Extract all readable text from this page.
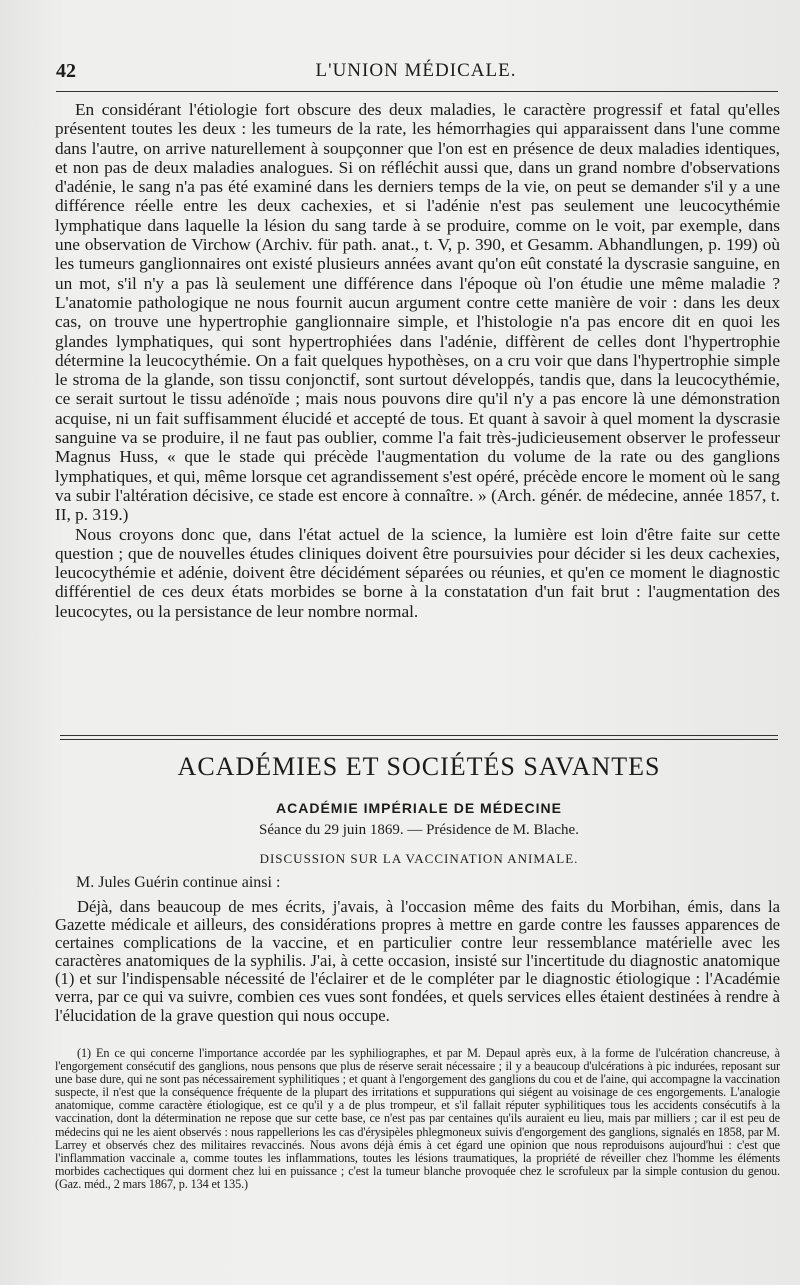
42	L'UNION MÉDICALE.

En considérant l'étiologie fort obscure des deux maladies, le caractère progressif et fatal qu'elles présentent toutes les deux : les tumeurs de la rate, les hémorrhagies qui apparaissent dans l'une comme dans l'autre, on arrive naturellement à soupçonner que l'on est en présence de deux maladies identiques, et non pas de deux maladies analogues. Si on réfléchit aussi que, dans un grand nombre d'observations d'adénie, le sang n'a pas été examiné dans les derniers temps de la vie, on peut se demander s'il y a une différence réelle entre les deux cachexies, et si l'adénie n'est pas seulement une leucocythémie lymphatique dans laquelle la lésion du sang tarde à se produire, comme on le voit, par exemple, dans une observation de Virchow (Archiv. für path. anat., t. V, p. 390, et Gesamm. Abhandlungen, p. 199) où les tumeurs ganglionnaires ont existé plusieurs années avant qu'on eût constaté la dyscrasie sanguine, en un mot, s'il n'y a pas là seulement une différence dans l'époque où l'on étudie une même maladie ? L'anatomie pathologique ne nous fournit aucun argument contre cette manière de voir : dans les deux cas, on trouve une hypertrophie ganglionnaire simple, et l'histologie n'a pas encore dit en quoi les glandes lymphatiques, qui sont hypertrophiées dans l'adénie, diffèrent de celles dont l'hypertrophie détermine la leucocythémie. On a fait quelques hypothèses, on a cru voir que dans l'hypertrophie simple le stroma de la glande, son tissu conjonctif, sont surtout développés, tandis que, dans la leucocythémie, ce serait surtout le tissu adénoïde ; mais nous pouvons dire qu'il n'y a pas encore là une démonstration acquise, ni un fait suffisamment élucidé et accepté de tous. Et quant à savoir à quel moment la dyscrasie sanguine va se produire, il ne faut pas oublier, comme l'a fait très-judicieusement observer le professeur Magnus Huss, « que le stade qui précède l'augmentation du volume de la rate ou des ganglions lymphatiques, et qui, même lorsque cet agrandissement s'est opéré, précède encore le moment où le sang va subir l'altération décisive, ce stade est encore à connaître. » (Arch. génér. de médecine, année 1857, t. II, p. 319.)

Nous croyons donc que, dans l'état actuel de la science, la lumière est loin d'être faite sur cette question ; que de nouvelles études cliniques doivent être poursuivies pour décider si les deux cachexies, leucocythémie et adénie, doivent être décidément séparées ou réunies, et qu'en ce moment le diagnostic différentiel de ces deux états morbides se borne à la constatation d'un fait brut : l'augmentation des leucocytes, ou la persistance de leur nombre normal.

ACADÉMIES ET SOCIÉTÉS SAVANTES
ACADÉMIE IMPÉRIALE DE MÉDECINE
Séance du 29 juin 1869. — Présidence de M. Blache.
DISCUSSION SUR LA VACCINATION ANIMALE.
M. Jules Guérin continue ainsi :

Déjà, dans beaucoup de mes écrits, j'avais, à l'occasion même des faits du Morbihan, émis, dans la Gazette médicale et ailleurs, des considérations propres à mettre en garde contre les fausses apparences de certaines complications de la vaccine, et en particulier contre leur ressemblance matérielle avec les caractères anatomiques de la syphilis. J'ai, à cette occasion, insisté sur l'incertitude du diagnostic anatomique (1) et sur l'indispensable nécessité de l'éclairer et de le compléter par le diagnostic étiologique : l'Académie verra, par ce qui va suivre, combien ces vues sont fondées, et quels services elles étaient destinées à rendre à l'élucidation de la grave question qui nous occupe.

(1) En ce qui concerne l'importance accordée par les syphiliographes, et par M. Depaul après eux, à la forme de l'ulcération chancreuse, à l'engorgement consécutif des ganglions, nous pensons que plus de réserve serait nécessaire ; il y a beaucoup d'ulcérations à pic indurées, reposant sur une base dure, qui ne sont pas nécessairement syphilitiques ; et quant à l'engorgement des ganglions du cou et de l'aine, qui accompagne la vaccination suspecte, il n'est que la conséquence fréquente de la plupart des irritations et suppurations qui siégent au voisinage de ces engorgements. L'analogie anatomique, comme caractère étiologique, est ce qu'il y a de plus trompeur, et s'il fallait réputer syphilitiques tous les accidents consécutifs à la vaccination, dont la détermination ne repose que sur cette base, ce n'est pas par centaines qu'ils auraient eu lieu, mais par milliers ; car il est peu de médecins qui ne les aient observés : nous rappellerions les cas d'érysipèles phlegmoneux suivis d'engorgement des ganglions, signalés en 1858, par M. Larrey et observés chez des militaires revaccinés. Nous avons déjà émis à cet égard une opinion que nous reproduisons aujourd'hui : c'est que l'inflammation vaccinale a, comme toutes les inflammations, toutes les lésions traumatiques, la propriété de réveiller chez l'homme les éléments morbides cachectiques qui dorment chez lui en puissance ; c'est la tumeur blanche provoquée chez le scrofuleux par la simple contusion du genou. (Gaz. méd., 2 mars 1867, p. 134 et 135.)
